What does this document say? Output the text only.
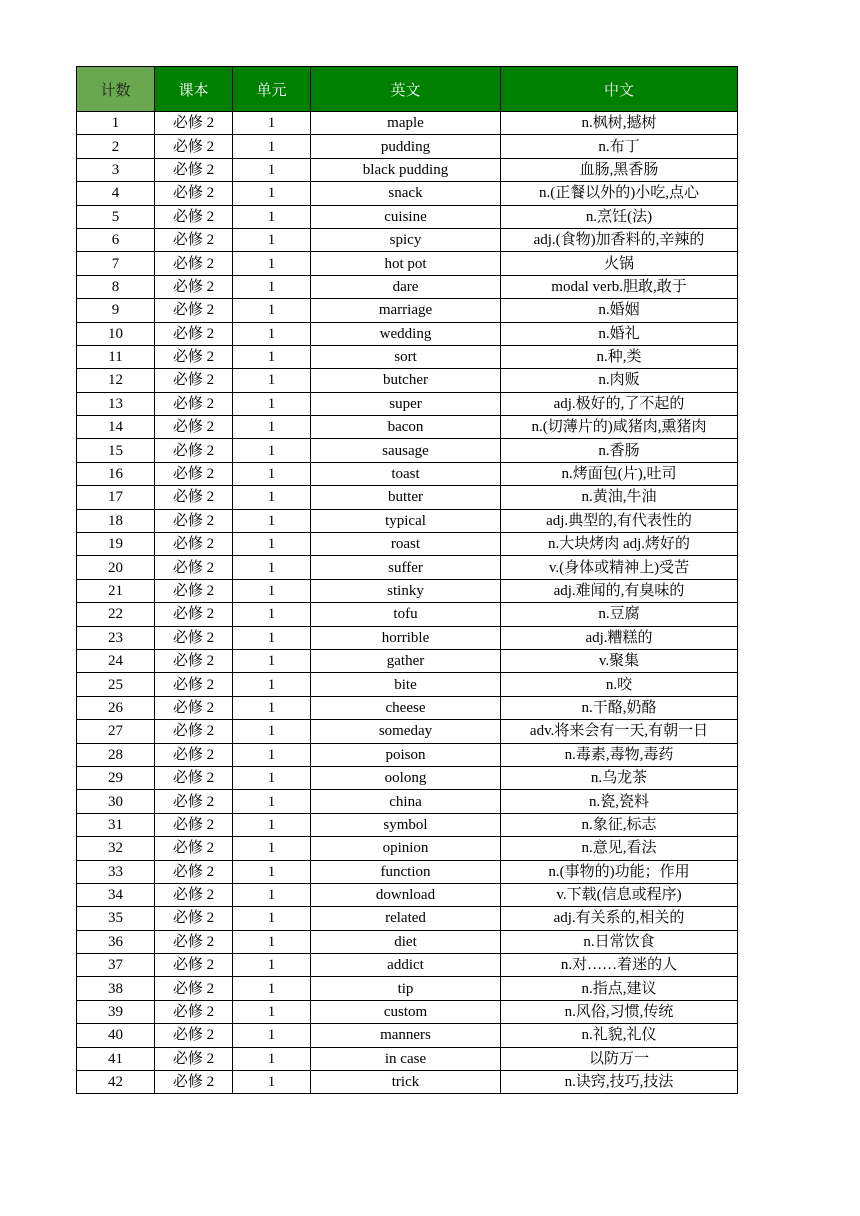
计数	课本	单元	英文	中文
1	必修 2	1	maple	n.枫树,撼树
2	必修 2	1	pudding	n.布丁
3	必修 2	1	black pudding	血肠,黑香肠
4	必修 2	1	snack	n.(正餐以外的)小吃,点心
5	必修 2	1	cuisine	n.烹饪(法)
6	必修 2	1	spicy	adj.(食物)加香料的,辛辣的
7	必修 2	1	hot pot	火锅
8	必修 2	1	dare	modal verb.胆敢,敢于
9	必修 2	1	marriage	n.婚姻
10	必修 2	1	wedding	n.婚礼
11	必修 2	1	sort	n.种,类
12	必修 2	1	butcher	n.肉贩
13	必修 2	1	super	adj.极好的,了不起的
14	必修 2	1	bacon	n.(切薄片的)咸猪肉,熏猪肉
15	必修 2	1	sausage	n.香肠
16	必修 2	1	toast	n.烤面包(片),吐司
17	必修 2	1	butter	n.黄油,牛油
18	必修 2	1	typical	adj.典型的,有代表性的
19	必修 2	1	roast	n.大块烤肉 adj.烤好的
20	必修 2	1	suffer	v.(身体或精神上)受苦
21	必修 2	1	stinky	adj.难闻的,有臭味的
22	必修 2	1	tofu	n.豆腐
23	必修 2	1	horrible	adj.糟糕的
24	必修 2	1	gather	v.聚集
25	必修 2	1	bite	n.咬
26	必修 2	1	cheese	n.干酪,奶酪
27	必修 2	1	someday	adv.将来会有一天,有朝一日
28	必修 2	1	poison	n.毒素,毒物,毒药
29	必修 2	1	oolong	n.乌龙茶
30	必修 2	1	china	n.瓷,瓷料
31	必修 2	1	symbol	n.象征,标志
32	必修 2	1	opinion	n.意见,看法
33	必修 2	1	function	n.(事物的)功能；作用
34	必修 2	1	download	v.下载(信息或程序)
35	必修 2	1	related	adj.有关系的,相关的
36	必修 2	1	diet	n.日常饮食
37	必修 2	1	addict	n.对……着迷的人
38	必修 2	1	tip	n.指点,建议
39	必修 2	1	custom	n.风俗,习惯,传统
40	必修 2	1	manners	n.礼貌,礼仪
41	必修 2	1	in case	以防万一
42	必修 2	1	trick	n.诀窍,技巧,技法
